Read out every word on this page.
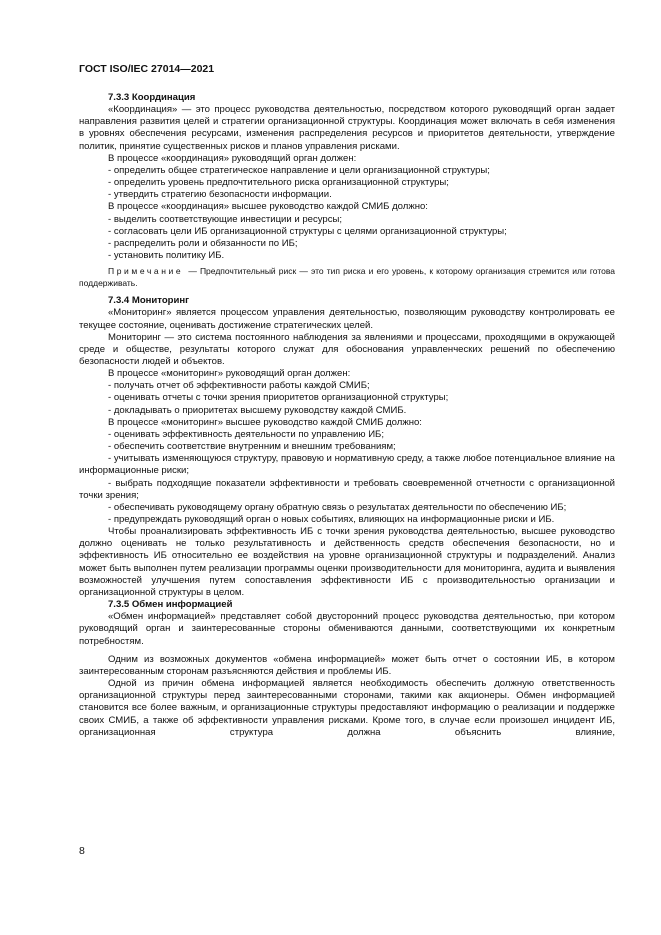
ГОСТ ISO/IEC 27014—2021
7.3.3 Координация
«Координация» — это процесс руководства деятельностью, посредством которого руководящий орган задает направления развития целей и стратегии организационной структуры. Координация может включать в себя изменения в уровнях обеспечения ресурсами, изменения распределения ресурсов и приоритетов деятельности, утверждение политик, принятие существенных рисков и планов управления рисками.
В процессе «координация» руководящий орган должен:
- определить общее стратегическое направление и цели организационной структуры;
- определить уровень предпочтительного риска организационной структуры;
- утвердить стратегию безопасности информации.
В процессе «координация» высшее руководство каждой СМИБ должно:
- выделить соответствующие инвестиции и ресурсы;
- согласовать цели ИБ организационной структуры с целями организационной структуры;
- распределить роли и обязанности по ИБ;
- установить политику ИБ.
Примечание — Предпочтительный риск — это тип риска и его уровень, к которому организация стремится или готова поддерживать.
7.3.4 Мониторинг
«Мониторинг» является процессом управления деятельностью, позволяющим руководству контролировать ее текущее состояние, оценивать достижение стратегических целей.
Мониторинг — это система постоянного наблюдения за явлениями и процессами, проходящими в окружающей среде и обществе, результаты которого служат для обоснования управленческих решений по обеспечению безопасности людей и объектов.
В процессе «мониторинг» руководящий орган должен:
- получать отчет об эффективности работы каждой СМИБ;
- оценивать отчеты с точки зрения приоритетов организационной структуры;
- докладывать о приоритетах высшему руководству каждой СМИБ.
В процессе «мониторинг» высшее руководство каждой СМИБ должно:
- оценивать эффективность деятельности по управлению ИБ;
- обеспечить соответствие внутренним и внешним требованиям;
- учитывать изменяющуюся структуру, правовую и нормативную среду, а также любое потенциальное влияние на информационные риски;
- выбрать подходящие показатели эффективности и требовать своевременной отчетности с организационной точки зрения;
- обеспечивать руководящему органу обратную связь о результатах деятельности по обеспечению ИБ;
- предупреждать руководящий орган о новых событиях, влияющих на информационные риски и ИБ.
Чтобы проанализировать эффективность ИБ с точки зрения руководства деятельностью, высшее руководство должно оценивать не только результативность и действенность средств обеспечения безопасности, но и эффективность ИБ относительно ее воздействия на уровне организационной структуры и подразделений. Анализ может быть выполнен путем реализации программы оценки производительности для мониторинга, аудита и выявления возможностей улучшения путем сопоставления эффективности ИБ с производительностью организации и организационной структуры в целом.
7.3.5 Обмен информацией
«Обмен информацией» представляет собой двусторонний процесс руководства деятельностью, при котором руководящий орган и заинтересованные стороны обмениваются данными, соответствующими их конкретным потребностям.
Одним из возможных документов «обмена информацией» может быть отчет о состоянии ИБ, в котором заинтересованным сторонам разъясняются действия и проблемы ИБ.
Одной из причин обмена информацией является необходимость обеспечить должную ответственность организационной структуры перед заинтересованными сторонами, такими как акционеры. Обмен информацией становится все более важным, и организационные структуры предоставляют информацию о реализации и поддержке своих СМИБ, а также об эффективности управления рисками. Кроме того, в случае если произошел инцидент ИБ, организационная структура должна объяснить влияние,
8
